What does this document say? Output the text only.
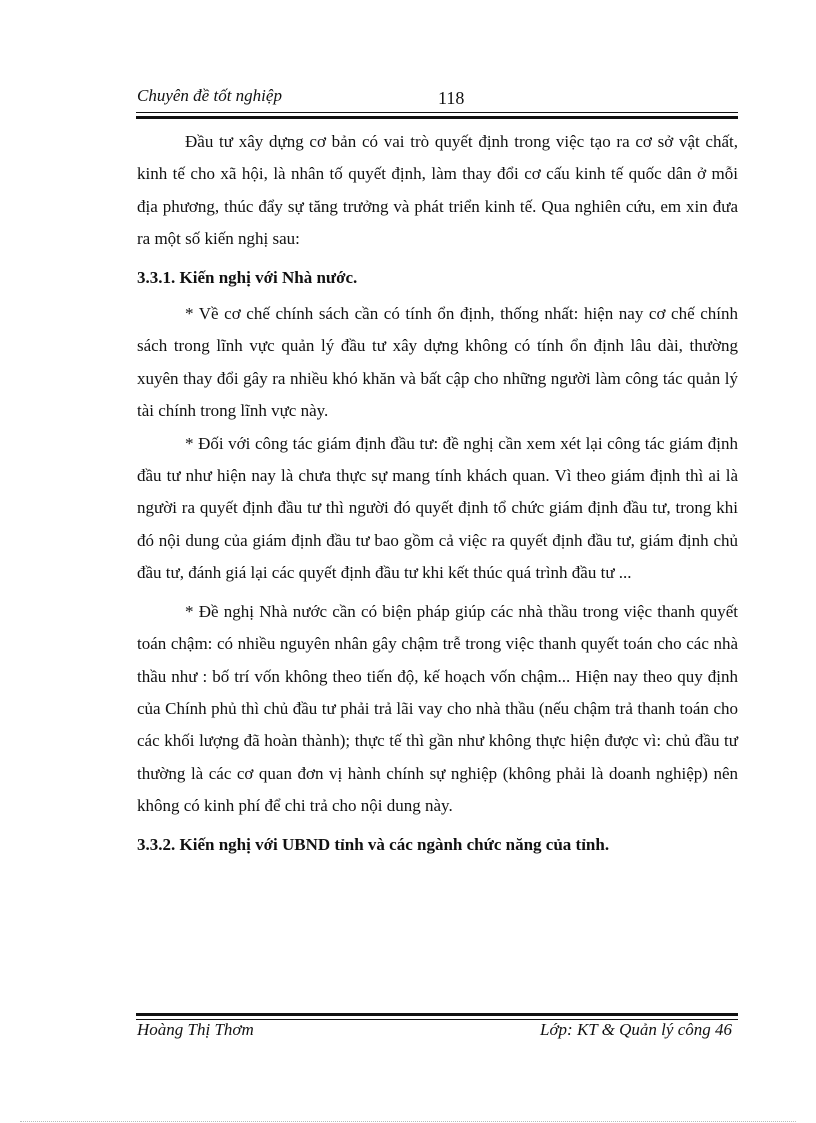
Chuyên đề tốt nghiệp	118

Đầu tư xây dựng cơ bản có vai trò quyết định trong việc tạo ra cơ sở vật chất, kinh tế cho xã hội, là nhân tố quyết định, làm thay đổi cơ cấu kinh tế quốc dân ở mỗi địa phương, thúc đẩy sự tăng trưởng và phát triển kinh tế. Qua nghiên cứu, em xin đưa ra một số kiến nghị sau:

3.3.1. Kiến nghị với Nhà nước.

* Về cơ chế chính sách cần có tính ổn định, thống nhất: hiện nay cơ chế chính sách trong lĩnh vực quản lý đầu tư xây dựng không có tính ổn định lâu dài, thường xuyên thay đổi gây ra nhiều khó khăn và bất cập cho những người làm công tác quản lý tài chính trong lĩnh vực này.

* Đối với công tác giám định đầu tư: đề nghị cần xem xét lại công tác giám định đầu tư như hiện nay là chưa thực sự mang tính khách quan. Vì theo giám định thì ai là người ra quyết định đầu tư thì người đó quyết định tổ chức giám định đầu tư, trong khi đó nội dung của giám định đầu tư bao gồm cả việc ra quyết định đầu tư, giám định chủ đầu tư, đánh giá lại các quyết định đầu tư khi kết thúc quá trình đầu tư ...

* Đề nghị Nhà nước cần có biện pháp giúp các nhà thầu trong việc thanh quyết toán chậm: có nhiều nguyên nhân gây chậm trễ trong việc thanh quyết toán cho các nhà thầu như : bố trí vốn không theo tiến độ, kế hoạch vốn chậm... Hiện nay theo quy định của Chính phủ thì chủ đầu tư phải trả lãi vay cho nhà thầu (nếu chậm trả thanh toán cho các khối lượng đã hoàn thành); thực tế thì gần như không thực hiện được vì: chủ đầu tư thường là các cơ quan đơn vị hành chính sự nghiệp (không phải là doanh nghiệp) nên không có kinh phí để chi trả cho nội dung này.

3.3.2. Kiến nghị với UBND tỉnh và các ngành chức năng của tỉnh.
Hoàng Thị Thơm	Lớp: KT & Quản lý công 46
